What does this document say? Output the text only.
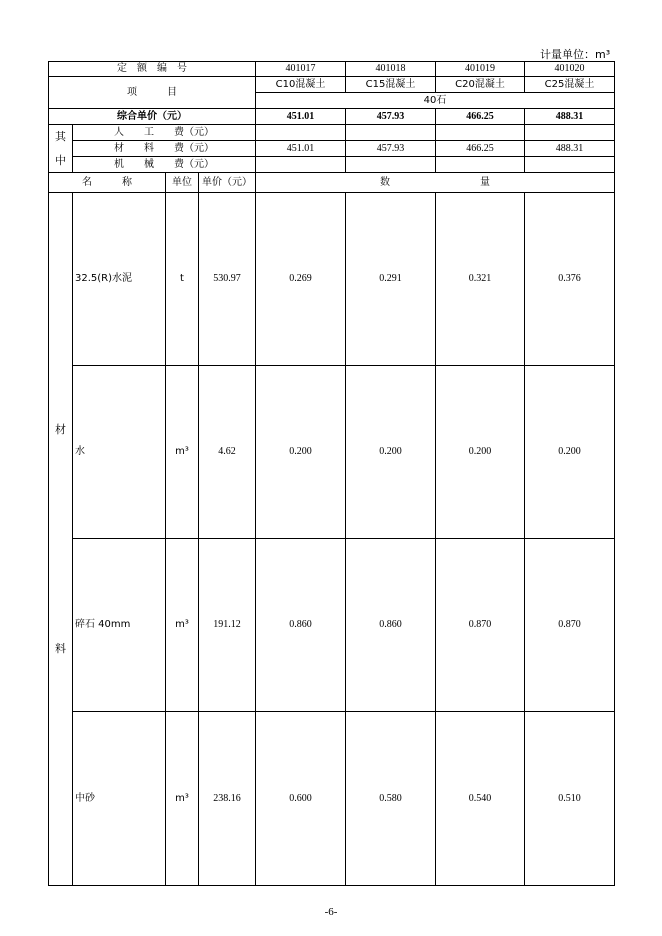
计量单位：m³
定　额　编　号				401017	401018	401019	401020
项　　　目				C10混凝土	C15混凝土	C20混凝土	C25混凝土
				40石			
综合单价（元）				451.01	457.93	466.25	488.31

其
中	人　　工　　费（元）						
	材　　料　　费（元）			451.01	457.93	466.25	488.31
	机　　械　　费（元）						
名　　　称		单位	单价（元）	数　　　　　　　　　量			

材
料	32.5(R)水泥	t	530.97	0.269	0.291	0.321	0.376
	水	m³	4.62	0.200	0.200	0.200	0.200
	碎石 40mm	m³	191.12	0.860	0.860	0.870	0.870
	中砂	m³	238.16	0.600	0.580	0.540	0.510
-6-
